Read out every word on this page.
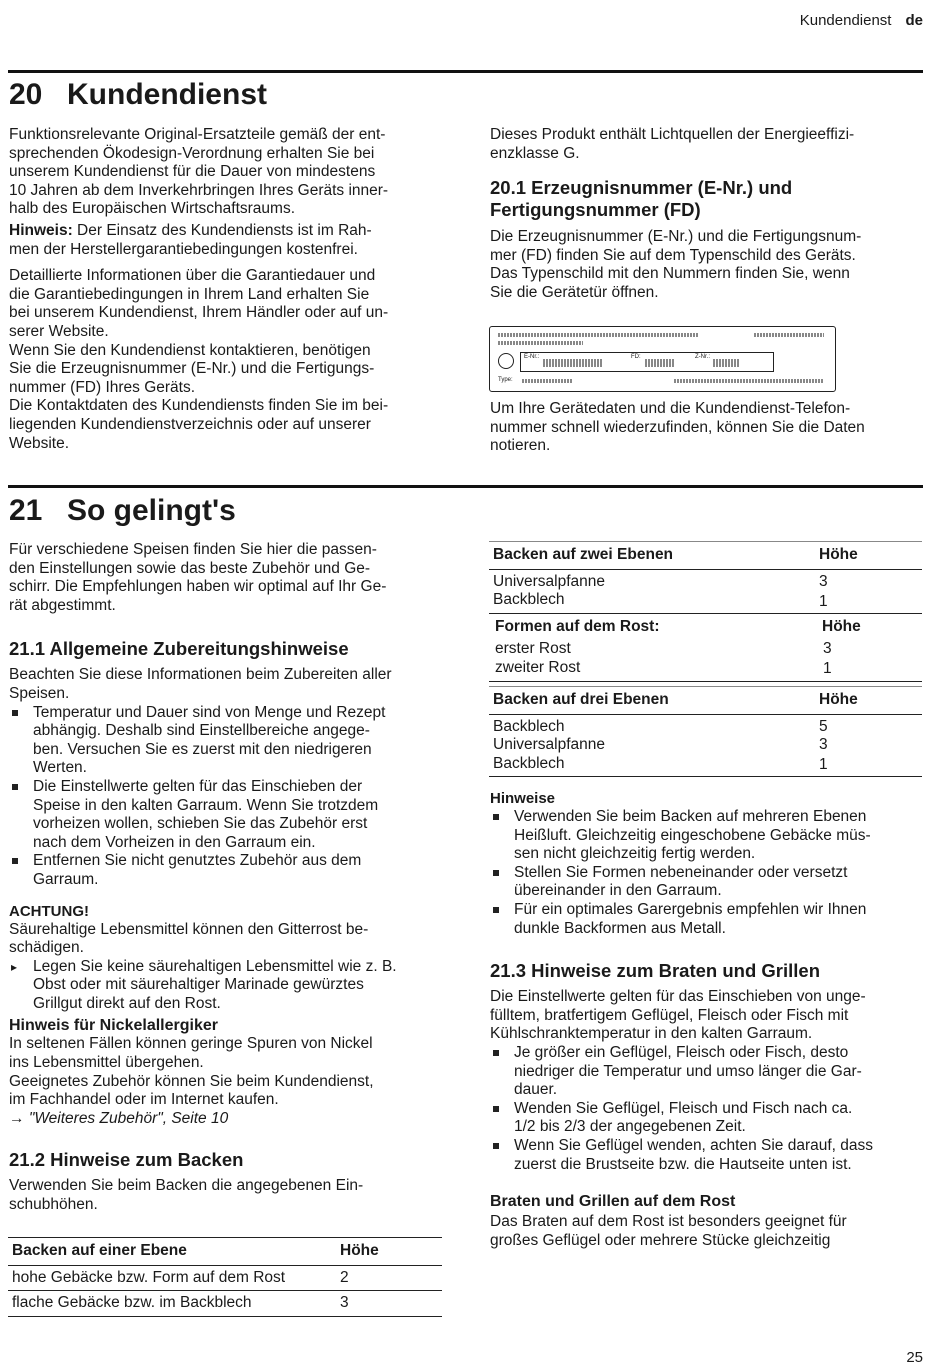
Kundendienst de
20 Kundendienst

Funktionsrelevante Original-Ersatzteile gemäß der ent-
sprechenden Ökodesign-Verordnung erhalten Sie bei
unserem Kundendienst für die Dauer von mindestens
10 Jahren ab dem Inverkehrbringen Ihres Geräts inner-
halb des Europäischen Wirtschaftsraums.

Hinweis: Der Einsatz des Kundendiensts ist im Rah-
men der Herstellergarantiebedingungen kostenfrei.

Detaillierte Informationen über die Garantiedauer und
die Garantiebedingungen in Ihrem Land erhalten Sie
bei unserem Kundendienst, Ihrem Händler oder auf un-
serer Website.
Wenn Sie den Kundendienst kontaktieren, benötigen
Sie die Erzeugnisnummer (E-Nr.) und die Fertigungs-
nummer (FD) Ihres Geräts.
Die Kontaktdaten des Kundendiensts finden Sie im bei-
liegenden Kundendienstverzeichnis oder auf unserer
Website.

Dieses Produkt enthält Lichtquellen der Energieeffizi-
enzklasse G.

20.1 Erzeugnisnummer (E-Nr.) und
Fertigungsnummer (FD)

Die Erzeugnisnummer (E-Nr.) und die Fertigungsnum-
mer (FD) finden Sie auf dem Typenschild des Geräts.
Das Typenschild mit den Nummern finden Sie, wenn
Sie die Gerätetür öffnen.

E-Nr.:	FD:	Z-Nr.:
Type:

Um Ihre Gerätedaten und die Kundendienst-Telefon-
nummer schnell wiederzufinden, können Sie die Daten
notieren.

21 So gelingt's

Für verschiedene Speisen finden Sie hier die passen-
den Einstellungen sowie das beste Zubehör und Ge-
schirr. Die Empfehlungen haben wir optimal auf Ihr Ge-
rät abgestimmt.

21.1 Allgemeine Zubereitungshinweise

Beachten Sie diese Informationen beim Zubereiten aller
Speisen.

Temperatur und Dauer sind von Menge und Rezept
abhängig. Deshalb sind Einstellbereiche angege-
ben. Versuchen Sie es zuerst mit den niedrigeren
Werten.
Die Einstellwerte gelten für das Einschieben der
Speise in den kalten Garraum. Wenn Sie trotzdem
vorheizen wollen, schieben Sie das Zubehör erst
nach dem Vorheizen in den Garraum ein.
Entfernen Sie nicht genutztes Zubehör aus dem
Garraum.
ACHTUNG!

Säurehaltige Lebensmittel können den Gitterrost be-
schädigen.

▸ Legen Sie keine säurehaltigen Lebensmittel wie z. B.
Obst oder mit säurehaltiger Marinade gewürztes
Grillgut direkt auf den Rost.
Hinweis für Nickelallergiker

In seltenen Fällen können geringe Spuren von Nickel
ins Lebensmittel übergehen.
Geeignetes Zubehör können Sie beim Kundendienst,
im Fachhandel oder im Internet kaufen.

→ "Weiteres Zubehör", Seite 10

21.2 Hinweise zum Backen

Verwenden Sie beim Backen die angegebenen Ein-
schubhöhen.

Backen auf einer Ebene	Höhe
hohe Gebäcke bzw. Form auf dem Rost	2
flache Gebäcke bzw. im Backblech	3
Backen auf zwei Ebenen	Höhe
Universalpfanne	3
Backblech	1
Formen auf dem Rost:	Höhe
erster Rost	3
zweiter Rost	1
Backen auf drei Ebenen	Höhe
Backblech	5
Universalpfanne	3
Backblech	1
Hinweise
Verwenden Sie beim Backen auf mehreren Ebenen
Heißluft. Gleichzeitig eingeschobene Gebäcke müs-
sen nicht gleichzeitig fertig werden.
Stellen Sie Formen nebeneinander oder versetzt
übereinander in den Garraum.
Für ein optimales Garergebnis empfehlen wir Ihnen
dunkle Backformen aus Metall.
21.3 Hinweise zum Braten und Grillen

Die Einstellwerte gelten für das Einschieben von unge-
fülltem, bratfertigem Geflügel, Fleisch oder Fisch mit
Kühlschranktemperatur in den kalten Garraum.

Je größer ein Geflügel, Fleisch oder Fisch, desto
niedriger die Temperatur und umso länger die Gar-
dauer.
Wenden Sie Geflügel, Fleisch und Fisch nach ca.
1/2 bis 2/3 der angegebenen Zeit.
Wenn Sie Geflügel wenden, achten Sie darauf, dass
zuerst die Brustseite bzw. die Hautseite unten ist.
Braten und Grillen auf dem Rost

Das Braten auf dem Rost ist besonders geeignet für
großes Geflügel oder mehrere Stücke gleichzeitig

25
